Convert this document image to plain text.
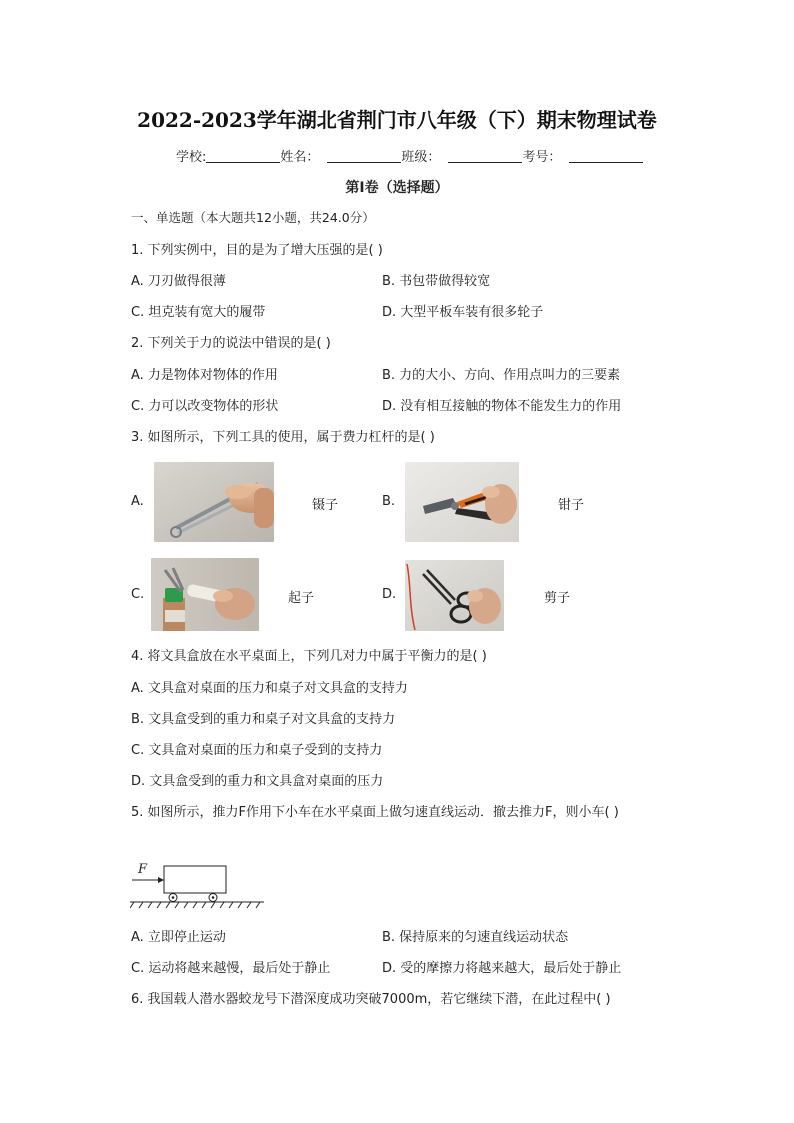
2022-2023学年湖北省荆门市八年级（下）期末物理试卷
学校:	姓名：	班级：	考号：
第I卷（选择题）
一、单选题（本大题共12小题，共24.0分）
1. 下列实例中，目的是为了增大压强的是( )
A. 刀刃做得很薄	B. 书包带做得较宽
C. 坦克装有宽大的履带	D. 大型平板车装有很多轮子
2. 下列关于力的说法中错误的是( )
A. 力是物体对物体的作用	B. 力的大小、方向、作用点叫力的三要素
C. 力可以改变物体的形状	D. 没有相互接触的物体不能发生力的作用
3. 如图所示，下列工具的使用，属于费力杠杆的是( )
A.	镊子	B.	钳子
C.	起子	D.	剪子
4. 将文具盒放在水平桌面上，下列几对力中属于平衡力的是( )
A. 文具盒对桌面的压力和桌子对文具盒的支持力
B. 文具盒受到的重力和桌子对文具盒的支持力
C. 文具盒对桌面的压力和桌子受到的支持力
D. 文具盒受到的重力和文具盒对桌面的压力
5. 如图所示，推力F作用下小车在水平桌面上做匀速直线运动．撤去推力F，则小车( )
F
A. 立即停止运动	B. 保持原来的匀速直线运动状态
C. 运动将越来越慢，最后处于静止	D. 受的摩擦力将越来越大，最后处于静止
6. 我国载人潜水器蛟龙号下潜深度成功突破7000m，若它继续下潜，在此过程中( )
